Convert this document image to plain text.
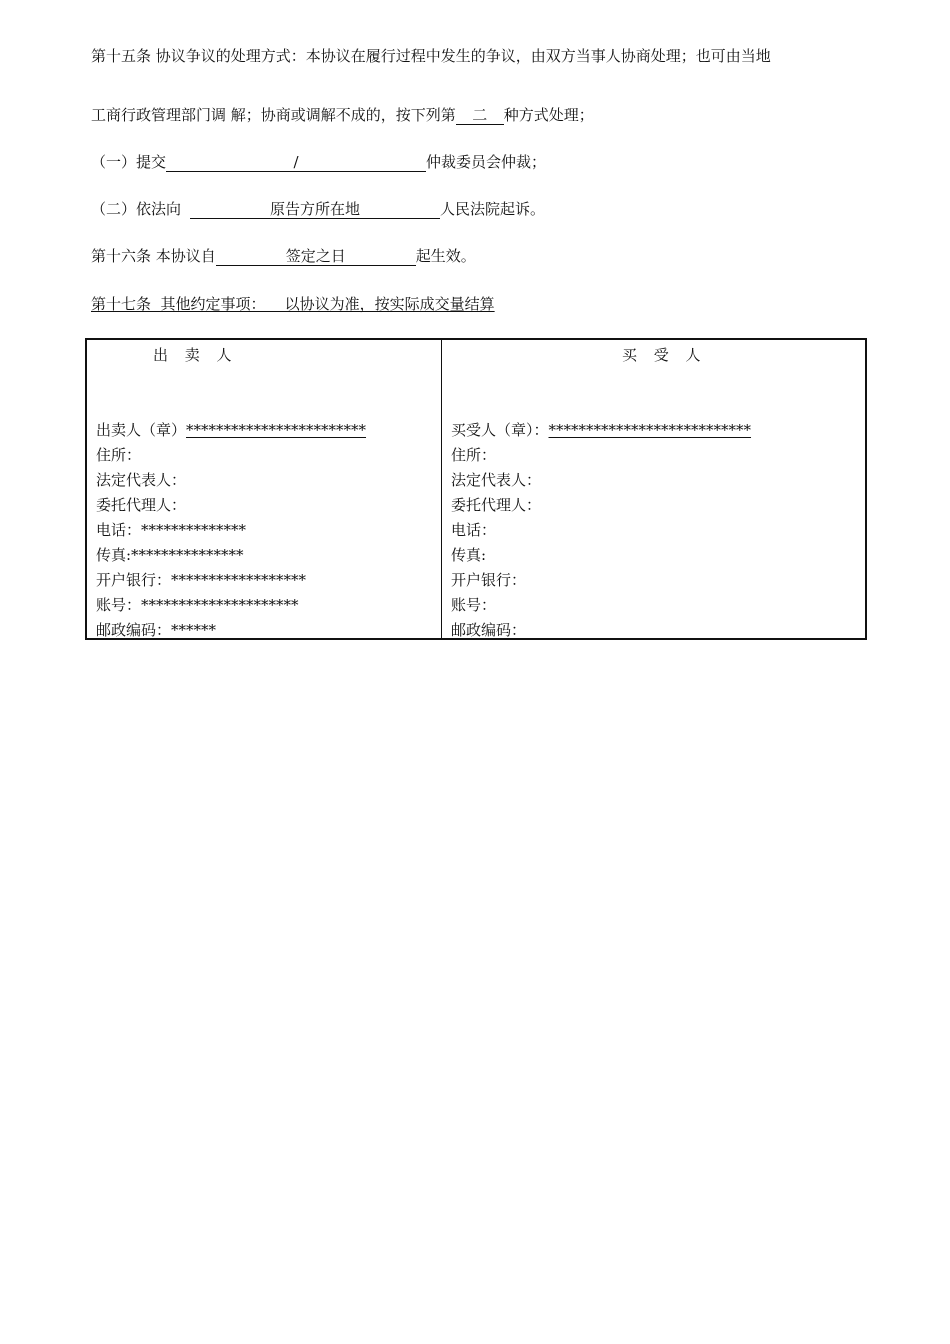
第十五条 协议争议的处理方式：本协议在履行过程中发生的争议，由双方当事人协商处理；也可由当地
工商行政管理部门调 解；协商或调解不成的，按下列第 二 种方式处理；
（一）提交	/	仲裁委员会仲裁；
（二）依法向	原告方所在地	人民法院起诉。
第十六条 本协议自	签定之日	起生效。
第十七条  其他约定事项：    以协议为准，按实际成交量结算
出 卖 人
出卖人（章）************************
住所：
法定代表人：
委托代理人：
电话：**************
传真:***************
开户银行：******************
账号：*********************
邮政编码：******

买 受 人
买受人（章）：***************************
住所：
法定代表人：
委托代理人：
电话：
传真:
开户银行：
账号：
邮政编码：
